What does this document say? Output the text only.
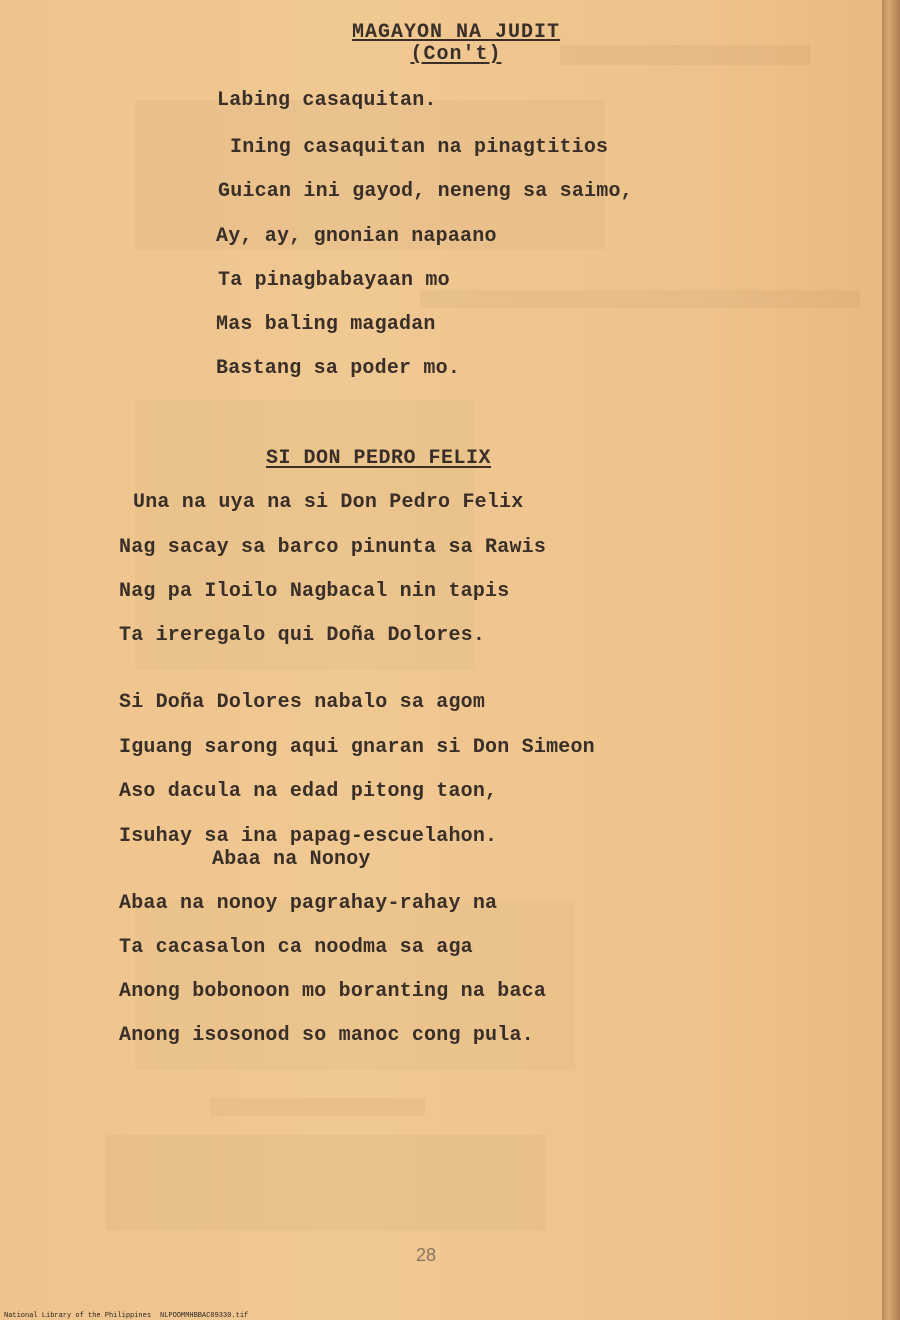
MAGAYON NA JUDIT
(Con't)
Labing casaquitan.
Ining casaquitan na pinagtitios
Guican ini gayod, neneng sa saimo,
Ay, ay, gnonian napaano
Ta pinagbabayaan mo
Mas baling magadan
Bastang sa poder mo.
SI DON PEDRO FELIX
Una na uya na si Don Pedro Felix
Nag sacay sa barco pinunta sa Rawis
Nag pa Iloilo Nagbacal nin tapis
Ta ireregalo qui Doña Dolores.
Si Doña Dolores nabalo sa agom
Iguang sarong aqui gnaran si Don Simeon
Aso dacula na edad pitong taon,
Isuhay sa ina papag-escuelahon.
Abaa na Nonoy
Abaa na nonoy pagrahay-rahay na
Ta cacasalon ca noodma sa aga
Anong bobonoon mo boranting na baca
Anong isosonod so manoc cong pula.
28
National Library of the Philippines NLPOOMMHBBAC09330.tif
